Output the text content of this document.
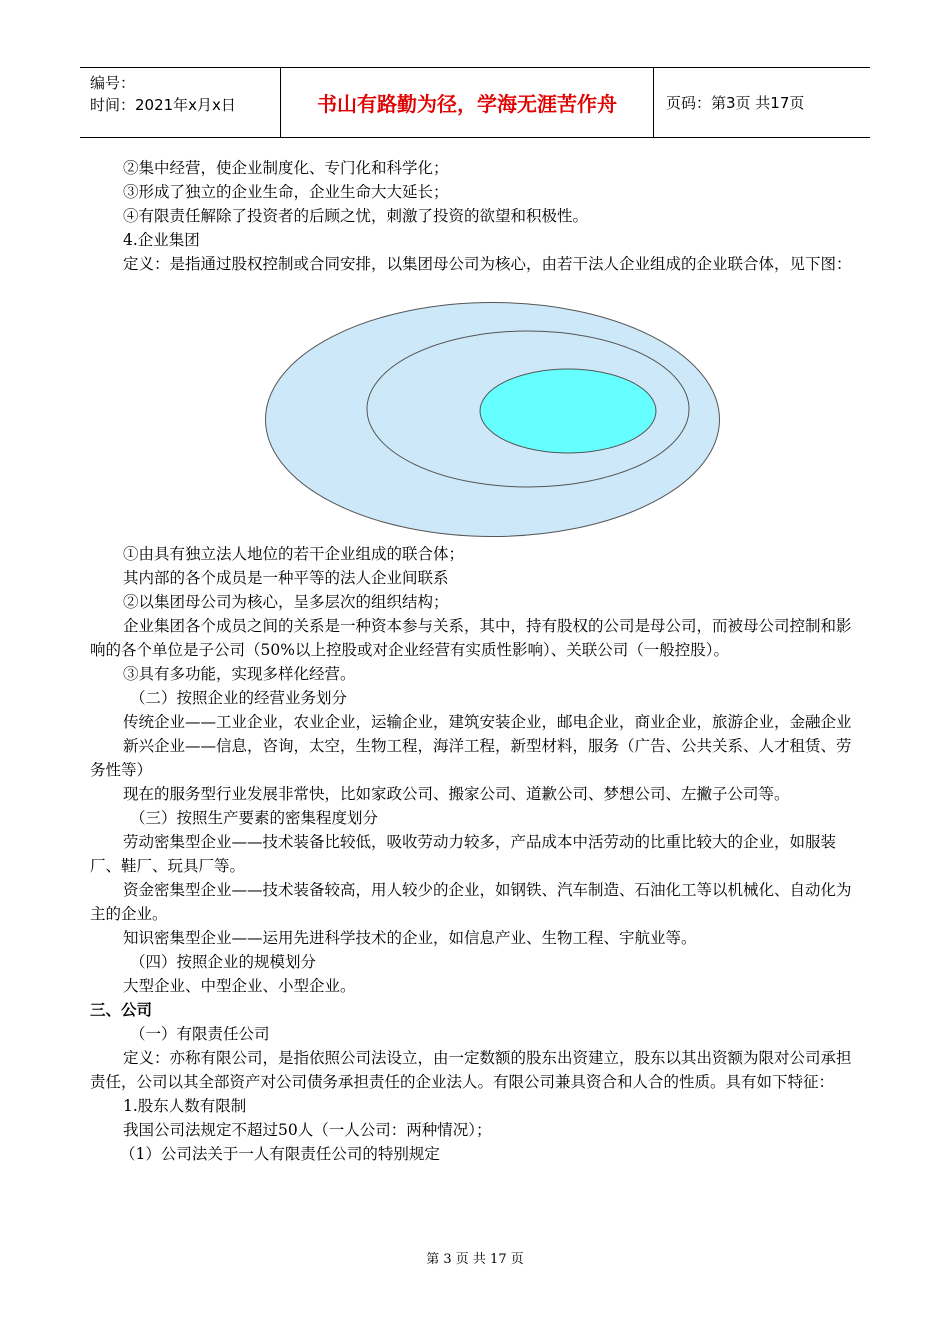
编号：
时间：2021年x月x日	书山有路勤为径，学海无涯苦作舟	页码：第3页 共17页

②集中经营，使企业制度化、专门化和科学化；

③形成了独立的企业生命，企业生命大大延长；

④有限责任解除了投资者的后顾之忧，刺激了投资的欲望和积极性。

4.企业集团

定义：是指通过股权控制或合同安排，以集团母公司为核心，由若干法人企业组成的企业联合体，见下图：

①由具有独立法人地位的若干企业组成的联合体；

其内部的各个成员是一种平等的法人企业间联系

②以集团母公司为核心，呈多层次的组织结构；

企业集团各个成员之间的关系是一种资本参与关系，其中，持有股权的公司是母公司，而被母公司控制和影响的各个单位是子公司（50%以上控股或对企业经营有实质性影响）、关联公司（一般控股）。

③具有多功能，实现多样化经营。

（二）按照企业的经营业务划分

传统企业——工业企业，农业企业，运输企业，建筑安装企业，邮电企业，商业企业，旅游企业，金融企业

新兴企业——信息，咨询，太空，生物工程，海洋工程，新型材料，服务（广告、公共关系、人才租赁、劳务性等）

现在的服务型行业发展非常快，比如家政公司、搬家公司、道歉公司、梦想公司、左撇子公司等。

（三）按照生产要素的密集程度划分

劳动密集型企业——技术装备比较低，吸收劳动力较多，产品成本中活劳动的比重比较大的企业，如服装厂、鞋厂、玩具厂等。

资金密集型企业——技术装备较高，用人较少的企业，如钢铁、汽车制造、石油化工等以机械化、自动化为主的企业。

知识密集型企业——运用先进科学技术的企业，如信息产业、生物工程、宇航业等。

（四）按照企业的规模划分

大型企业、中型企业、小型企业。

三、公司

（一）有限责任公司

定义：亦称有限公司，是指依照公司法设立，由一定数额的股东出资建立，股东以其出资额为限对公司承担责任，公司以其全部资产对公司债务承担责任的企业法人。有限公司兼具资合和人合的性质。具有如下特征：

1.股东人数有限制

我国公司法规定不超过50人（一人公司：两种情况）；

（1）公司法关于一人有限责任公司的特别规定

第 3 页 共 17 页
